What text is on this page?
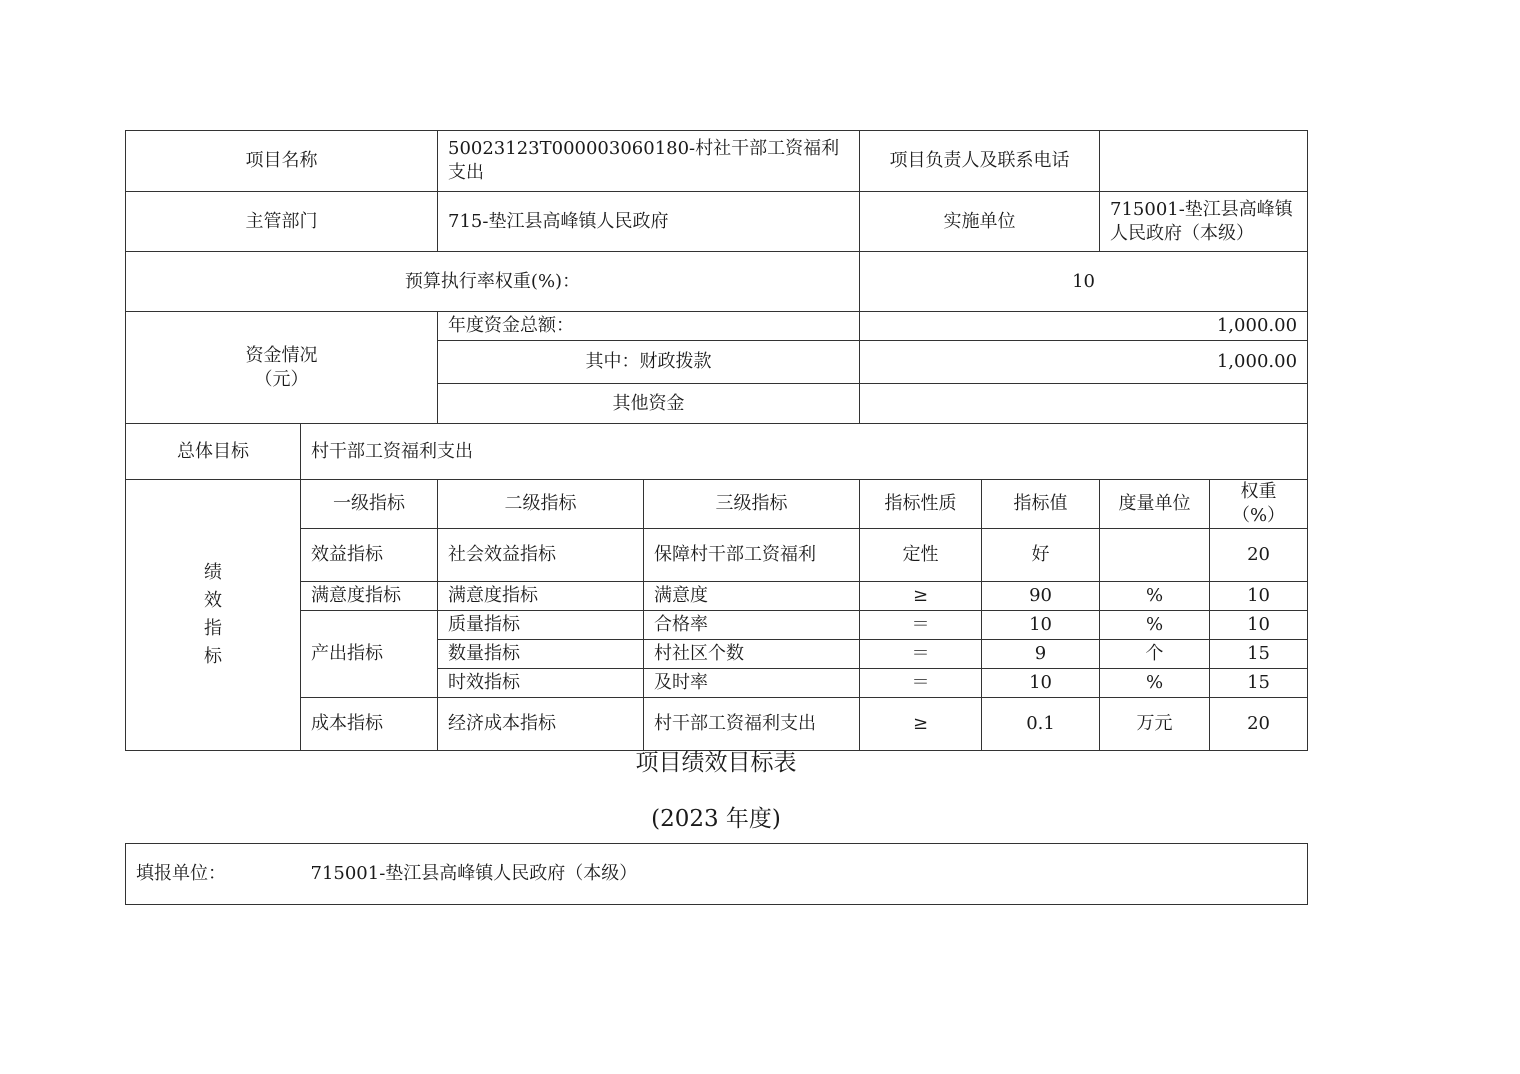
项目名称		50023123T000003060180-村社干部工资福利支出		项目负责人及联系电话			
主管部门		715-垫江县高峰镇人民政府		实施单位		715001-垫江县高峰镇人民政府（本级）	
预算执行率权重(%)：				10			

资金情况
（元）		年度资金总额：		1,000.00			
		其中：财政拨款		1,000.00			
		其他资金					
总体目标	村干部工资福利支出						

绩
效
指
标	一级指标	二级指标	三级指标	指标性质	指标值	度量单位	权重（%）
	效益指标	社会效益指标	保障村干部工资福利	定性	好		20
	满意度指标	满意度指标	满意度	≥	90	%	10
	产出指标	质量指标	合格率	＝	10	%	10
		数量指标	村社区个数	＝	9	个	15
		时效指标	及时率	＝	10	%	15
	成本指标	经济成本指标	村干部工资福利支出	≥	0.1	万元	20
项目绩效目标表
(2023 年度)
填报单位：	715001-垫江县高峰镇人民政府（本级）
